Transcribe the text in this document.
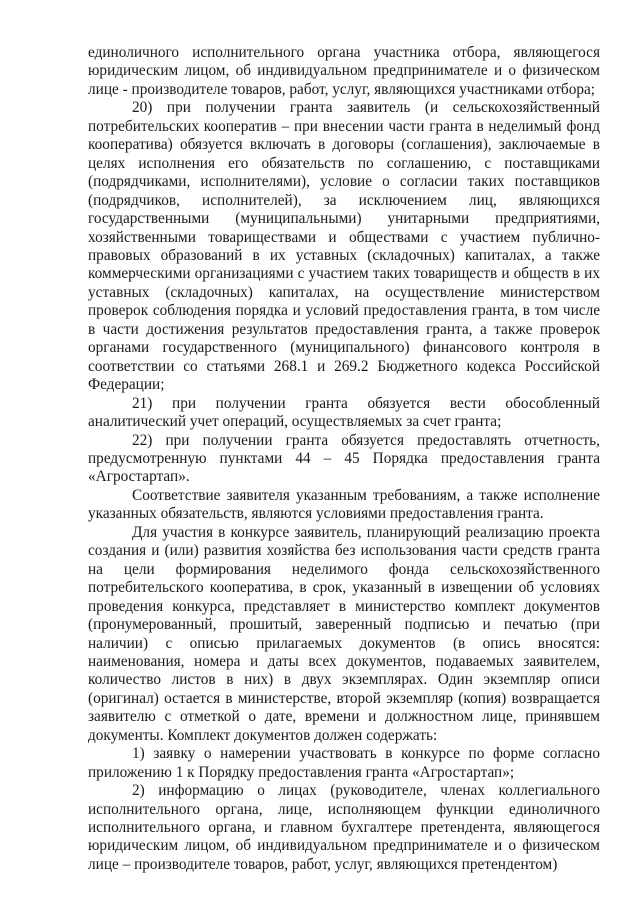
единоличного исполнительного органа участника отбора, являющегося юридическим лицом, об индивидуальном предпринимателе и о физическом лице - производителе товаров, работ, услуг, являющихся участниками отбора;

20) при получении гранта заявитель (и сельскохозяйственный потребительских кооператив – при внесении части гранта в неделимый фонд кооператива) обязуется включать в договоры (соглашения), заключаемые в целях исполнения его обязательств по соглашению, с поставщиками (подрядчиками, исполнителями), условие о согласии таких поставщиков (подрядчиков, исполнителей), за исключением лиц, являющихся государственными (муниципальными) унитарными предприятиями, хозяйственными товариществами и обществами с участием публично-правовых образований в их уставных (складочных) капиталах, а также коммерческими организациями с участием таких товариществ и обществ в их уставных (складочных) капиталах, на осуществление министерством проверок соблюдения порядка и условий предоставления гранта, в том числе в части достижения результатов предоставления гранта, а также проверок органами государственного (муниципального) финансового контроля в соответствии со статьями 268.1 и 269.2 Бюджетного кодекса Российской Федерации;

21) при получении гранта обязуется вести обособленный аналитический учет операций, осуществляемых за счет гранта;

22) при получении гранта обязуется предоставлять отчетность, предусмотренную пунктами 44 – 45 Порядка предоставления гранта «Агростартап».

Соответствие заявителя указанным требованиям, а также исполнение указанных обязательств, являются условиями предоставления гранта.

Для участия в конкурсе заявитель, планирующий реализацию проекта создания и (или) развития хозяйства без использования части средств гранта на цели формирования неделимого фонда сельскохозяйственного потребительского кооператива, в срок, указанный в извещении об условиях проведения конкурса, представляет в министерство комплект документов (пронумерованный, прошитый, заверенный подписью и печатью (при наличии) с описью прилагаемых документов (в опись вносятся: наименования, номера и даты всех документов, подаваемых заявителем, количество листов в них) в двух экземплярах. Один экземпляр описи (оригинал) остается в министерстве, второй экземпляр (копия) возвращается заявителю с отметкой о дате, времени и должностном лице, принявшем документы. Комплект документов должен содержать:

1) заявку о намерении участвовать в конкурсе по форме согласно приложению 1 к Порядку предоставления гранта «Агростартап»;

2) информацию о лицах (руководителе, членах коллегиального исполнительного органа, лице, исполняющем функции единоличного исполнительного органа, и главном бухгалтере претендента, являющегося юридическим лицом, об индивидуальном предпринимателе и о физическом лице – производителе товаров, работ, услуг, являющихся претендентом)
